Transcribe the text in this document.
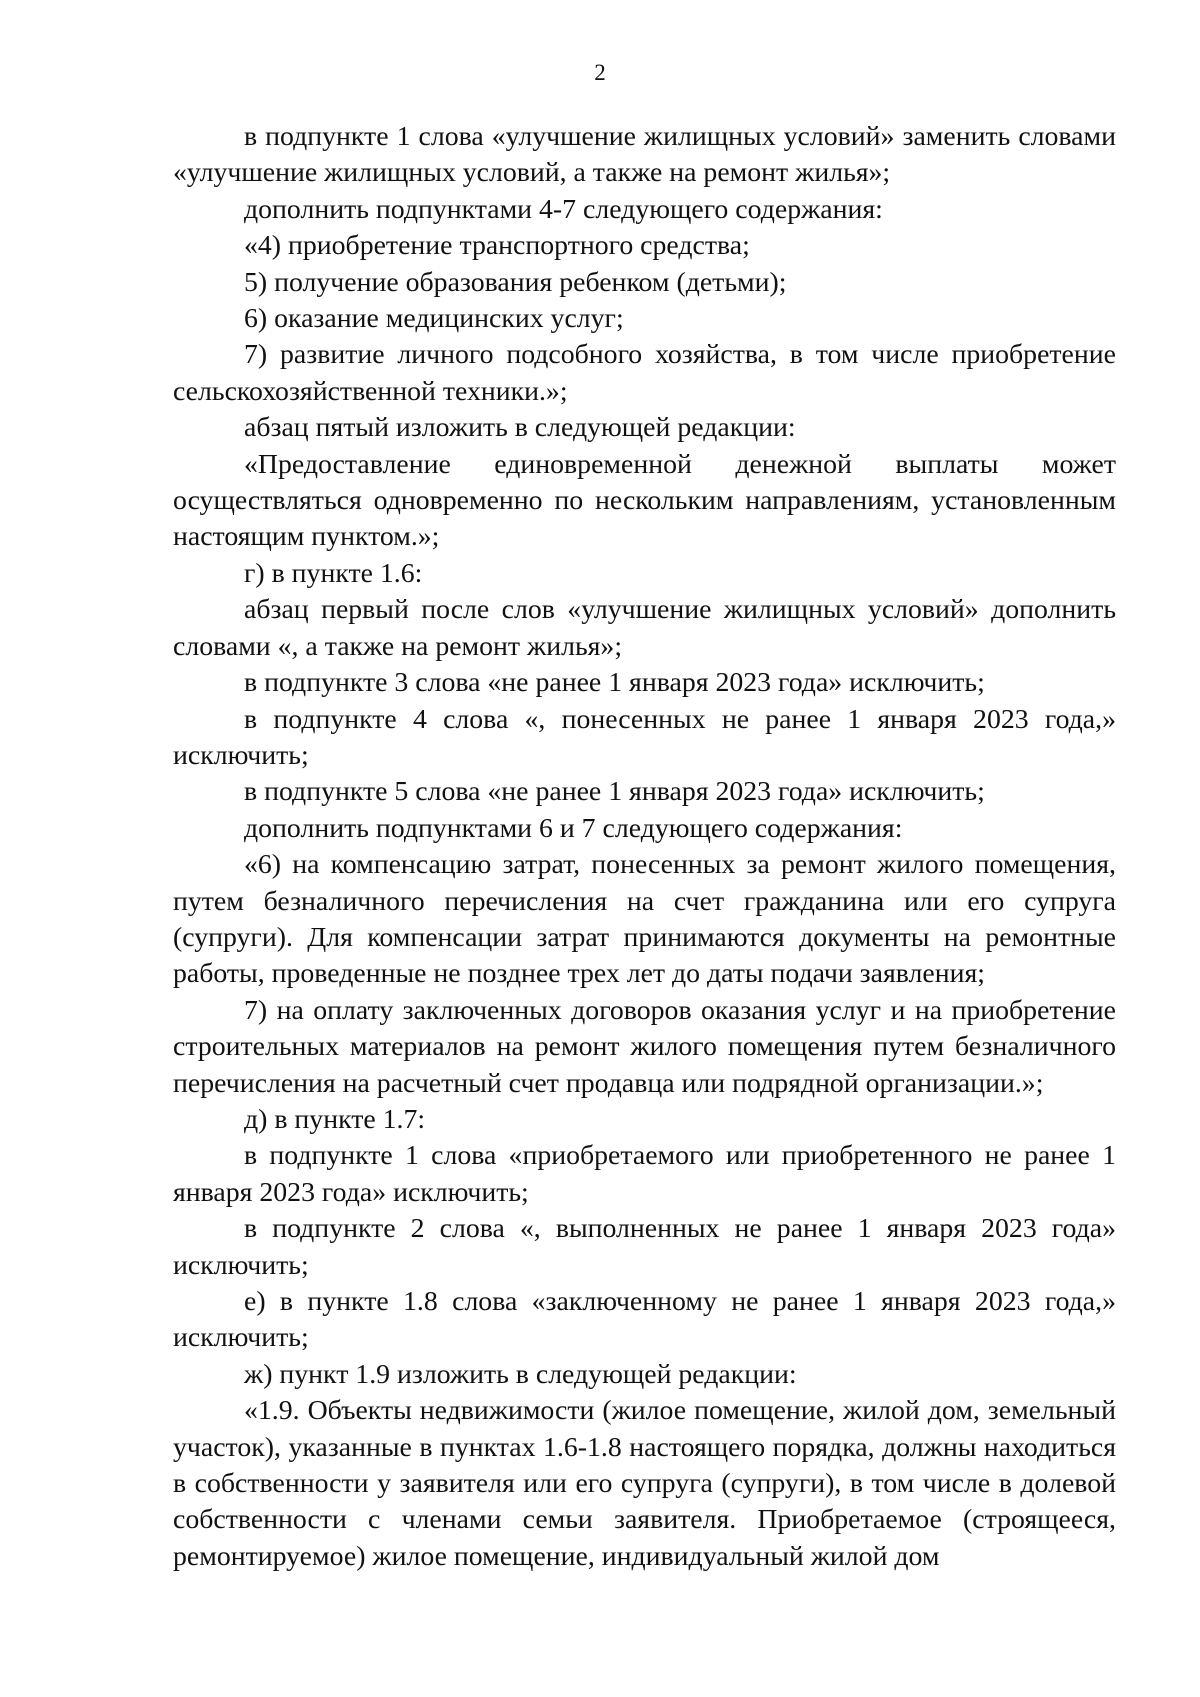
2

в подпункте 1 слова «улучшение жилищных условий» заменить словами «улучшение жилищных условий, а также на ремонт жилья»;

дополнить подпунктами 4-7 следующего содержания:

«4) приобретение транспортного средства;

5) получение образования ребенком (детьми);

6) оказание медицинских услуг;

7) развитие личного подсобного хозяйства, в том числе приобретение сельскохозяйственной техники.»;

абзац пятый изложить в следующей редакции:

«Предоставление единовременной денежной выплаты может осуществляться одновременно по нескольким направлениям, установленным настоящим пунктом.»;

г) в пункте 1.6:

абзац первый после слов «улучшение жилищных условий» дополнить словами «, а также на ремонт жилья»;

в подпункте 3 слова «не ранее 1 января 2023 года» исключить;

в подпункте 4 слова «, понесенных не ранее 1 января 2023 года,» исключить;

в подпункте 5 слова «не ранее 1 января 2023 года» исключить;

дополнить подпунктами 6 и 7 следующего содержания:

«6) на компенсацию затрат, понесенных за ремонт жилого помещения, путем безналичного перечисления на счет гражданина или его супруга (супруги). Для компенсации затрат принимаются документы на ремонтные работы, проведенные не позднее трех лет до даты подачи заявления;

7) на оплату заключенных договоров оказания услуг и на приобретение строительных материалов на ремонт жилого помещения путем безналичного перечисления на расчетный счет продавца или подрядной организации.»;

д) в пункте 1.7:

в подпункте 1 слова «приобретаемого или приобретенного не ранее 1 января 2023 года» исключить;

в подпункте 2 слова «, выполненных не ранее 1 января 2023 года» исключить;

е) в пункте 1.8 слова «заключенному не ранее 1 января 2023 года,» исключить;

ж) пункт 1.9 изложить в следующей редакции:

«1.9. Объекты недвижимости (жилое помещение, жилой дом, земельный участок), указанные в пунктах 1.6-1.8 настоящего порядка, должны находиться в собственности у заявителя или его супруга (супруги), в том числе в долевой собственности с членами семьи заявителя. Приобретаемое (строящееся, ремонтируемое) жилое помещение, индивидуальный жилой дом
